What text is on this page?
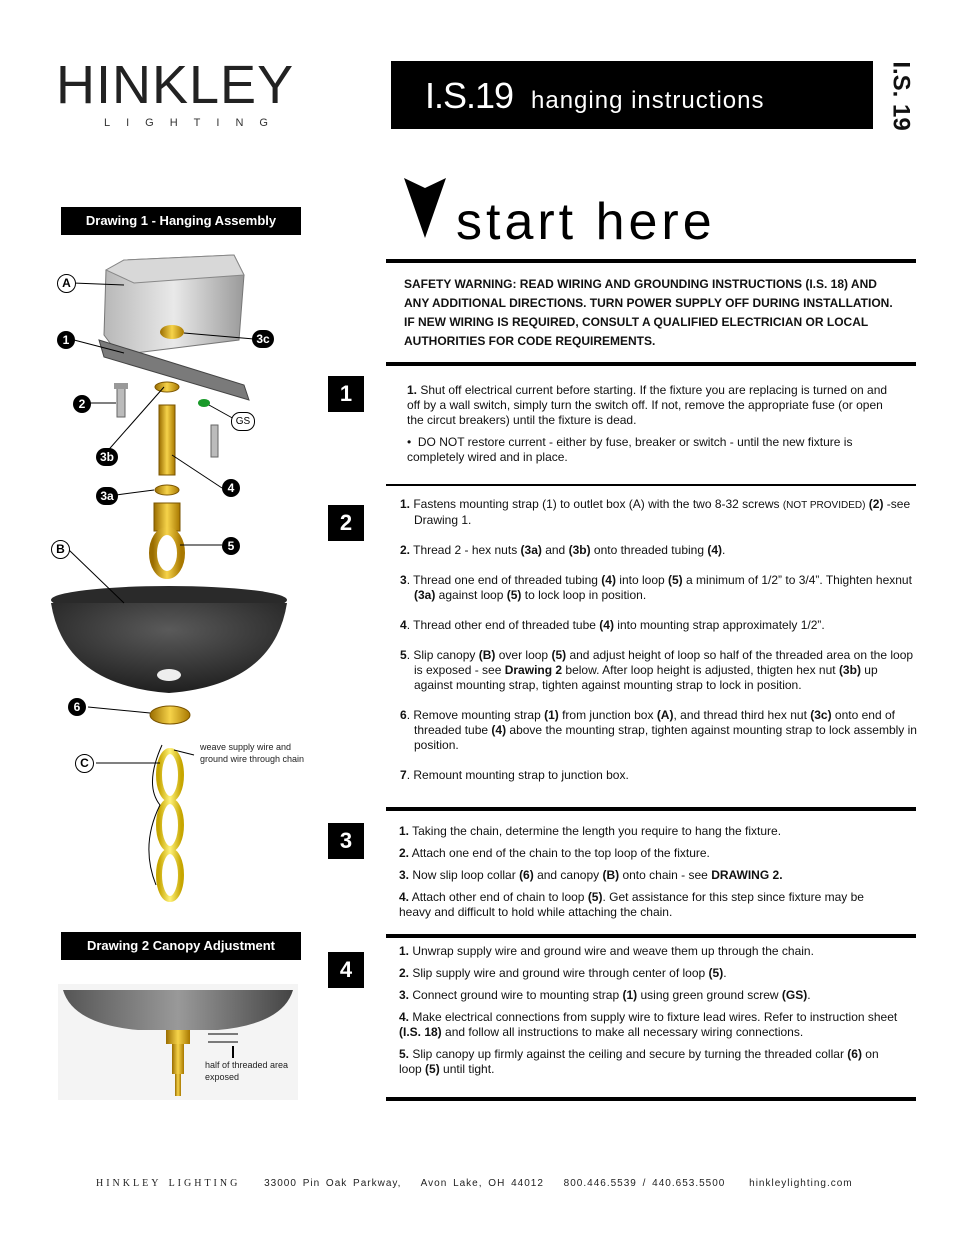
HINKLEY
LIGHTING
I.S.19 hanging instructions	I.S. 19
start here
Drawing 1 - Hanging Assembly
A
1	3c
2
GS
3b
4
3a
B	5
6
C
weave supply wire and
ground wire through chain
Drawing 2 Canopy Adjustment
half of threaded area
exposed
SAFETY WARNING: READ WIRING AND GROUNDING INSTRUCTIONS (I.S. 18) AND ANY ADDITIONAL DIRECTIONS. TURN POWER SUPPLY OFF DURING INSTALLATION. IF NEW WIRING IS REQUIRED, CONSULT A QUALIFIED ELECTRICIAN OR LOCAL AUTHORITIES FOR CODE REQUIREMENTS.
1	1. Shut off electrical current before starting. If the fixture you are replacing is turned on and off by a wall switch, simply turn the switch off. If not, remove the appropriate fuse (or open the circut breakers) until the fixture is dead.

•  DO NOT restore current - either by fuse, breaker or switch - until the new fixture is completely wired and in place.

2

1. Fastens mounting strap (1) to outlet box (A) with the two 8-32 screws (NOT PROVIDED) (2) -see Drawing 1.

2. Thread 2 - hex nuts (3a) and (3b) onto threaded tubing (4).

3. Thread one end of threaded tubing (4) into loop (5) a minimum of 1/2” to 3/4”. Thighten hexnut (3a) against loop (5) to lock loop in position.

4. Thread other end of threaded tube (4) into mounting strap approximately 1/2”.

5. Slip canopy (B) over loop (5) and adjust height of loop so half of the threaded area on the loop is exposed - see Drawing 2 below. After loop height is adjusted, thigten hex nut (3b) up against mounting strap, tighten against mounting strap to lock in position.

6. Remove mounting strap (1) from junction box (A), and thread third hex nut (3c) onto end of threaded tube (4) above the mounting strap, tighten against mounting strap to lock assembly in position.

7. Remount mounting strap to junction box.

3	1. Taking the chain, determine the length you require to hang the fixture.

2. Attach one end of the chain to the top loop of the fixture.

3. Now slip loop collar (6) and canopy (B) onto chain - see DRAWING 2.

4. Attach other end of chain to loop (5). Get assistance for this step since fixture may be heavy and difficult to hold while attaching the chain.

4

1. Unwrap supply wire and ground wire and weave them up through the chain.

2. Slip supply wire and ground wire through center of loop (5).

3. Connect ground wire to mounting strap (1) using green ground screw (GS).

4. Make electrical connections from supply wire to fixture lead wires. Refer to instruction sheet (I.S. 18) and follow all instructions to make all necessary wiring connections.

5. Slip canopy up firmly against the ceiling and secure by turning the threaded collar (6) on loop (5) until tight.

HINKLEY LIGHTING 33000 Pin Oak Parkway, Avon Lake, OH 44012 800.446.5539 / 440.653.5500 hinkleylighting.com
